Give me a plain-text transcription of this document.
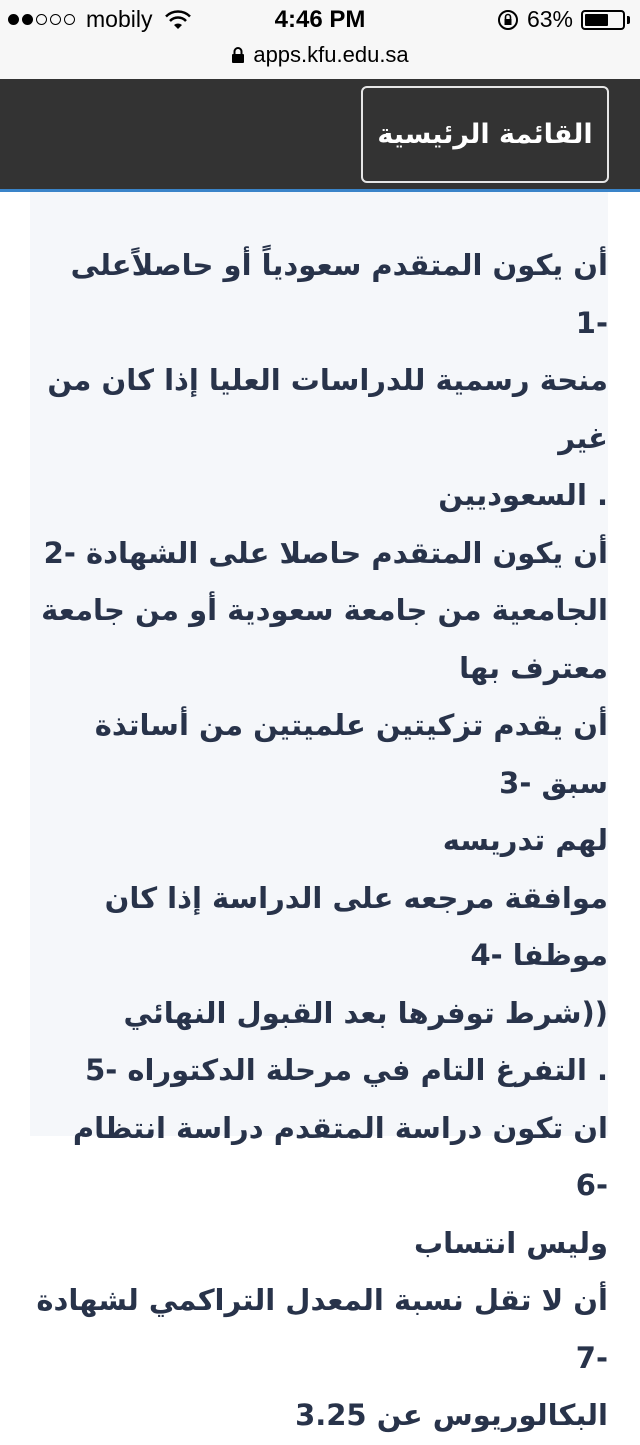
mobily	4:46 PM	63%
apps.kfu.edu.sa
القائمة الرئيسية

أن يكون المتقدم سعودياً أو حاصلاًعلى -1

منحة رسمية للدراسات العليا إذا كان من غير

. السعوديين

أن يكون المتقدم حاصلا على الشهادة -2

الجامعية من جامعة سعودية أو من جامعة

معترف بها

أن يقدم تزكيتين علميتين من أساتذة سبق -3

لهم تدريسه

موافقة مرجعه على الدراسة إذا كان موظفا -4

((شرط توفرها بعد القبول النهائي

. التفرغ التام في مرحلة الدكتوراه -5

ان تكون دراسة المتقدم دراسة انتظام -6

وليس انتساب

أن لا تقل نسبة المعدل التراكمي لشهادة -7

البكالوريوس عن 3.25
